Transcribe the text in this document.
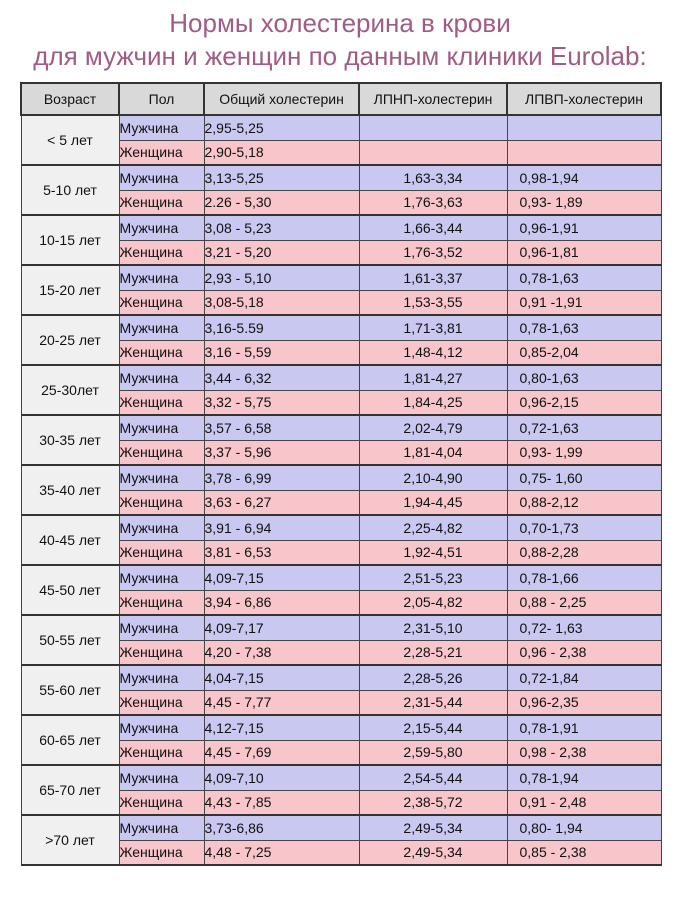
Нормы холестерина в крови
для мужчин и женщин по данным клиники Eurolab:
Возраст	Пол	Общий холестерин	ЛПНП-холестерин	ЛПВП-холестерин
< 5 лет	Мужчина	2,95-5,25		
	Женщина	2,90-5,18		
5-10 лет	Мужчина	3,13-5,25	1,63-3,34	0,98-1,94
	Женщина	2.26 - 5,30	1,76-3,63	0,93- 1,89
10-15 лет	Мужчина	3,08 - 5,23	1,66-3,44	0,96-1,91
	Женщина	3,21 - 5,20	1,76-3,52	0,96-1,81
15-20 лет	Мужчина	2,93 - 5,10	1,61-3,37	0,78-1,63
	Женщина	3,08-5,18	1,53-3,55	0,91 -1,91
20-25 лет	Мужчина	3,16-5.59	1,71-3,81	0,78-1,63
	Женщина	3,16 - 5,59	1,48-4,12	0,85-2,04
25-30лет	Мужчина	3,44 - 6,32	1,81-4,27	0,80-1,63
	Женщина	3,32 - 5,75	1,84-4,25	0,96-2,15
30-35 лет	Мужчина	3,57 - 6,58	2,02-4,79	0,72-1,63
	Женщина	3,37 - 5,96	1,81-4,04	0,93- 1,99
35-40 лет	Мужчина	3,78 - 6,99	2,10-4,90	0,75- 1,60
	Женщина	3,63 - 6,27	1,94-4,45	0,88-2,12
40-45 лет	Мужчина	3,91 - 6,94	2,25-4,82	0,70-1,73
	Женщина	3,81 - 6,53	1,92-4,51	0,88-2,28
45-50 лет	Мужчина	4,09-7,15	2,51-5,23	0,78-1,66
	Женщина	3,94 - 6,86	2,05-4,82	0,88 - 2,25
50-55 лет	Мужчина	4,09-7,17	2,31-5,10	0,72- 1,63
	Женщина	4,20 - 7,38	2,28-5,21	0,96 - 2,38
55-60 лет	Мужчина	4,04-7,15	2,28-5,26	0,72-1,84
	Женщина	4,45 - 7,77	2,31-5,44	0,96-2,35
60-65 лет	Мужчина	4,12-7,15	2,15-5,44	0,78-1,91
	Женщина	4,45 - 7,69	2,59-5,80	0,98 - 2,38
65-70 лет	Мужчина	4,09-7,10	2,54-5,44	0,78-1,94
	Женщина	4,43 - 7,85	2,38-5,72	0,91 - 2,48
>70 лет	Мужчина	3,73-6,86	2,49-5,34	0,80- 1,94
	Женщина	4,48 - 7,25	2,49-5,34	0,85 - 2,38
